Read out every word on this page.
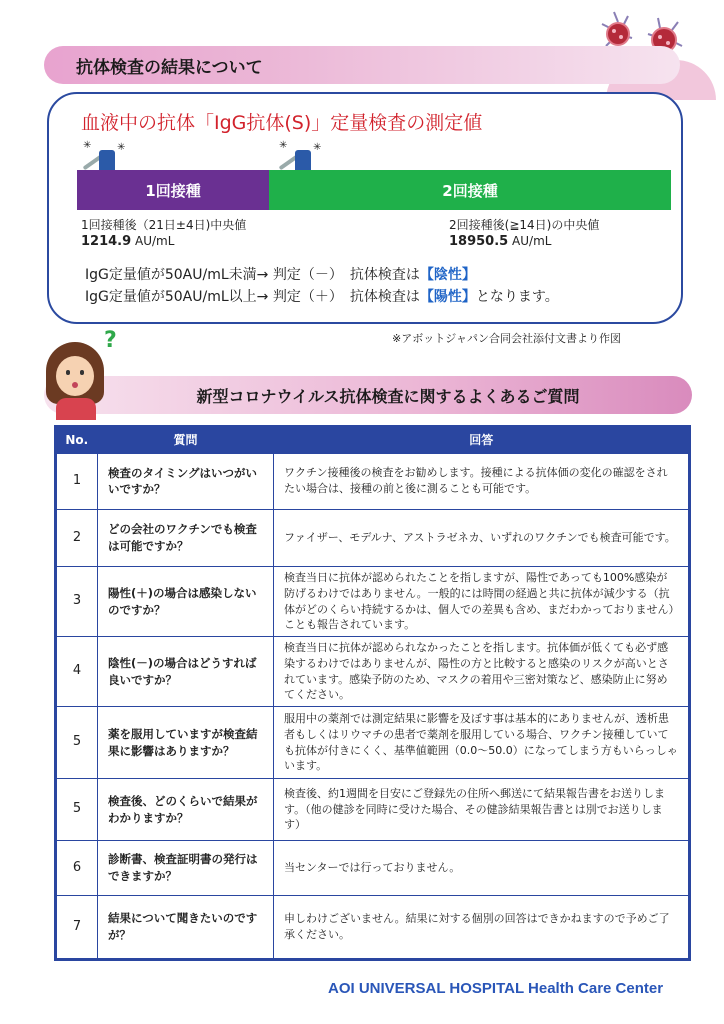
抗体検査の結果について
血液中の抗体「IgG抗体(S)」定量検査の測定値
✳	✳	✳	✳
1回接種	2回接種
1回接種後（21日±4日)中央値
1214.9 AU/mL
2回接種後(≧14日)の中央値
18950.5 AU/mL
IgG定量値が50AU/mL未満→ 判定（－）　抗体検査は【陰性】
IgG定量値が50AU/mL以上→ 判定（＋）　抗体検査は【陽性】となります。
※アボットジャパン合同会社添付文書より作図
新型コロナウイルス抗体検査に関するよくあるご質問
?
No.	質問	回答
1	検査のタイミングはいつがいいですか？	ワクチン接種後の検査をお勧めします。接種による抗体価の変化の確認をされたい場合は、接種の前と後に測ることも可能です。
2	どの会社のワクチンでも検査は可能ですか？	ファイザー、モデルナ、アストラゼネカ、いずれのワクチンでも検査可能です。
3	陽性(＋)の場合は感染しないのですか？	検査当日に抗体が認められたことを指しますが、陽性であっても100%感染が防げるわけではありません。一般的には時間の経過と共に抗体が減少する（抗体がどのくらい持続するかは、個人での差異も含め、まだわかっておりません）ことも報告されています。
4	陰性(－)の場合はどうすれば良いですか？	検査当日に抗体が認められなかったことを指します。抗体価が低くても必ず感染するわけではありませんが、陽性の方と比較すると感染のリスクが高いとされています。感染予防のため、マスクの着用や三密対策など、感染防止に努めてください。
5	薬を服用していますが検査結果に影響はありますか？	服用中の薬剤では測定結果に影響を及ぼす事は基本的にありませんが、透析患者もしくはリウマチの患者で薬剤を服用している場合、ワクチン接種していても抗体が付きにくく、基準値範囲（0.0～50.0）になってしまう方もいらっしゃいます。
5	検査後、どのくらいで結果がわかりますか？	検査後、約1週間を目安にご登録先の住所へ郵送にて結果報告書をお送りします。（他の健診を同時に受けた場合、その健診結果報告書とは別でお送りします）
6	診断書、検査証明書の発行はできますか？	当センターでは行っておりません。
7	結果について聞きたいのですが？	申しわけございません。結果に対する個別の回答はできかねますので予めご了承ください。
AOI UNIVERSAL HOSPITAL Health Care Center
